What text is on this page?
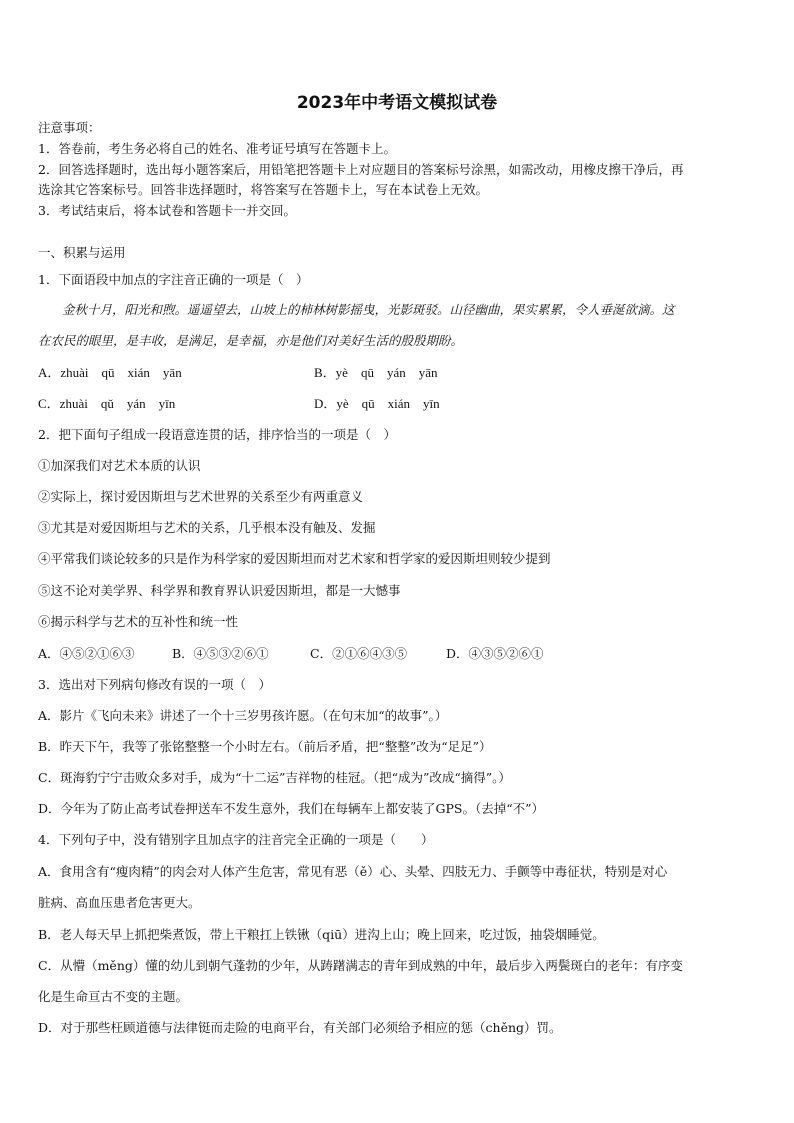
2023年中考语文模拟试卷
注意事项：
1．答卷前，考生务必将自己的姓名、准考证号填写在答题卡上。
2．回答选择题时，选出每小题答案后，用铅笔把答题卡上对应题目的答案标号涂黑，如需改动，用橡皮擦干净后，再
选涂其它答案标号。回答非选择题时，将答案写在答题卡上，写在本试卷上无效。
3．考试结束后，将本试卷和答题卡一并交回。
一、积累与运用
1．下面语段中加点的字注音正确的一项是（　）
金秋十月，阳光和煦。遥遥望去，山坡上的柿林树影摇曳，光影斑驳。山径幽曲，果实累累，令人垂涎欲滴。这
在农民的眼里，是丰收，是满足，是幸福，亦是他们对美好生活的殷殷期盼。
A．zhuài　qū　xián　yān	B．yè　qū　yán　yān
C．zhuài　qǔ　yán　yīn	D．yè　qū　xián　yīn
2．把下面句子组成一段语意连贯的话，排序恰当的一项是（　）
①加深我们对艺术本质的认识
②实际上，探讨爱因斯坦与艺术世界的关系至少有两重意义
③尤其是对爱因斯坦与艺术的关系，几乎根本没有触及、发掘
④平常我们谈论较多的只是作为科学家的爱因斯坦而对艺术家和哲学家的爱因斯坦则较少提到
⑤这不论对美学界、科学界和教育界认识爱因斯坦，都是一大憾事
⑥揭示科学与艺术的互补性和统一性
A．④⑤②①⑥③	B．④⑤③②⑥①	C．②①⑥④③⑤	D．④③⑤②⑥①
3．选出对下列病句修改有误的一项（　）
A．影片《飞向未来》讲述了一个十三岁男孩许愿。（在句末加“的故事”。）
B．昨天下午，我等了张铭整整一个小时左右。（前后矛盾，把“整整”改为“足足”）
C．斑海豹宁宁击败众多对手，成为“十二运”吉祥物的桂冠。（把“成为”改成“摘得”。）
D．今年为了防止高考试卷押送车不发生意外，我们在每辆车上都安装了GPS。（去掉“不”）
4．下列句子中，没有错别字且加点字的注音完全正确的一项是（　　）
A．食用含有“瘦肉精”的肉会对人体产生危害，常见有恶（ě）心、头晕、四肢无力、手颤等中毒征状，特别是对心
脏病、高血压患者危害更大。
B．老人每天早上抓把柴煮饭，带上干粮扛上铁锹（qiū）进沟上山；晚上回来，吃过饭，抽袋烟睡觉。
C．从懵（měng）懂的幼儿到朝气蓬勃的少年，从踌躇满志的青年到成熟的中年，最后步入两鬓斑白的老年：有序变
化是生命亘古不变的主题。
D．对于那些枉顾道德与法律铤而走险的电商平台，有关部门必须给予相应的惩（chěng）罚。
